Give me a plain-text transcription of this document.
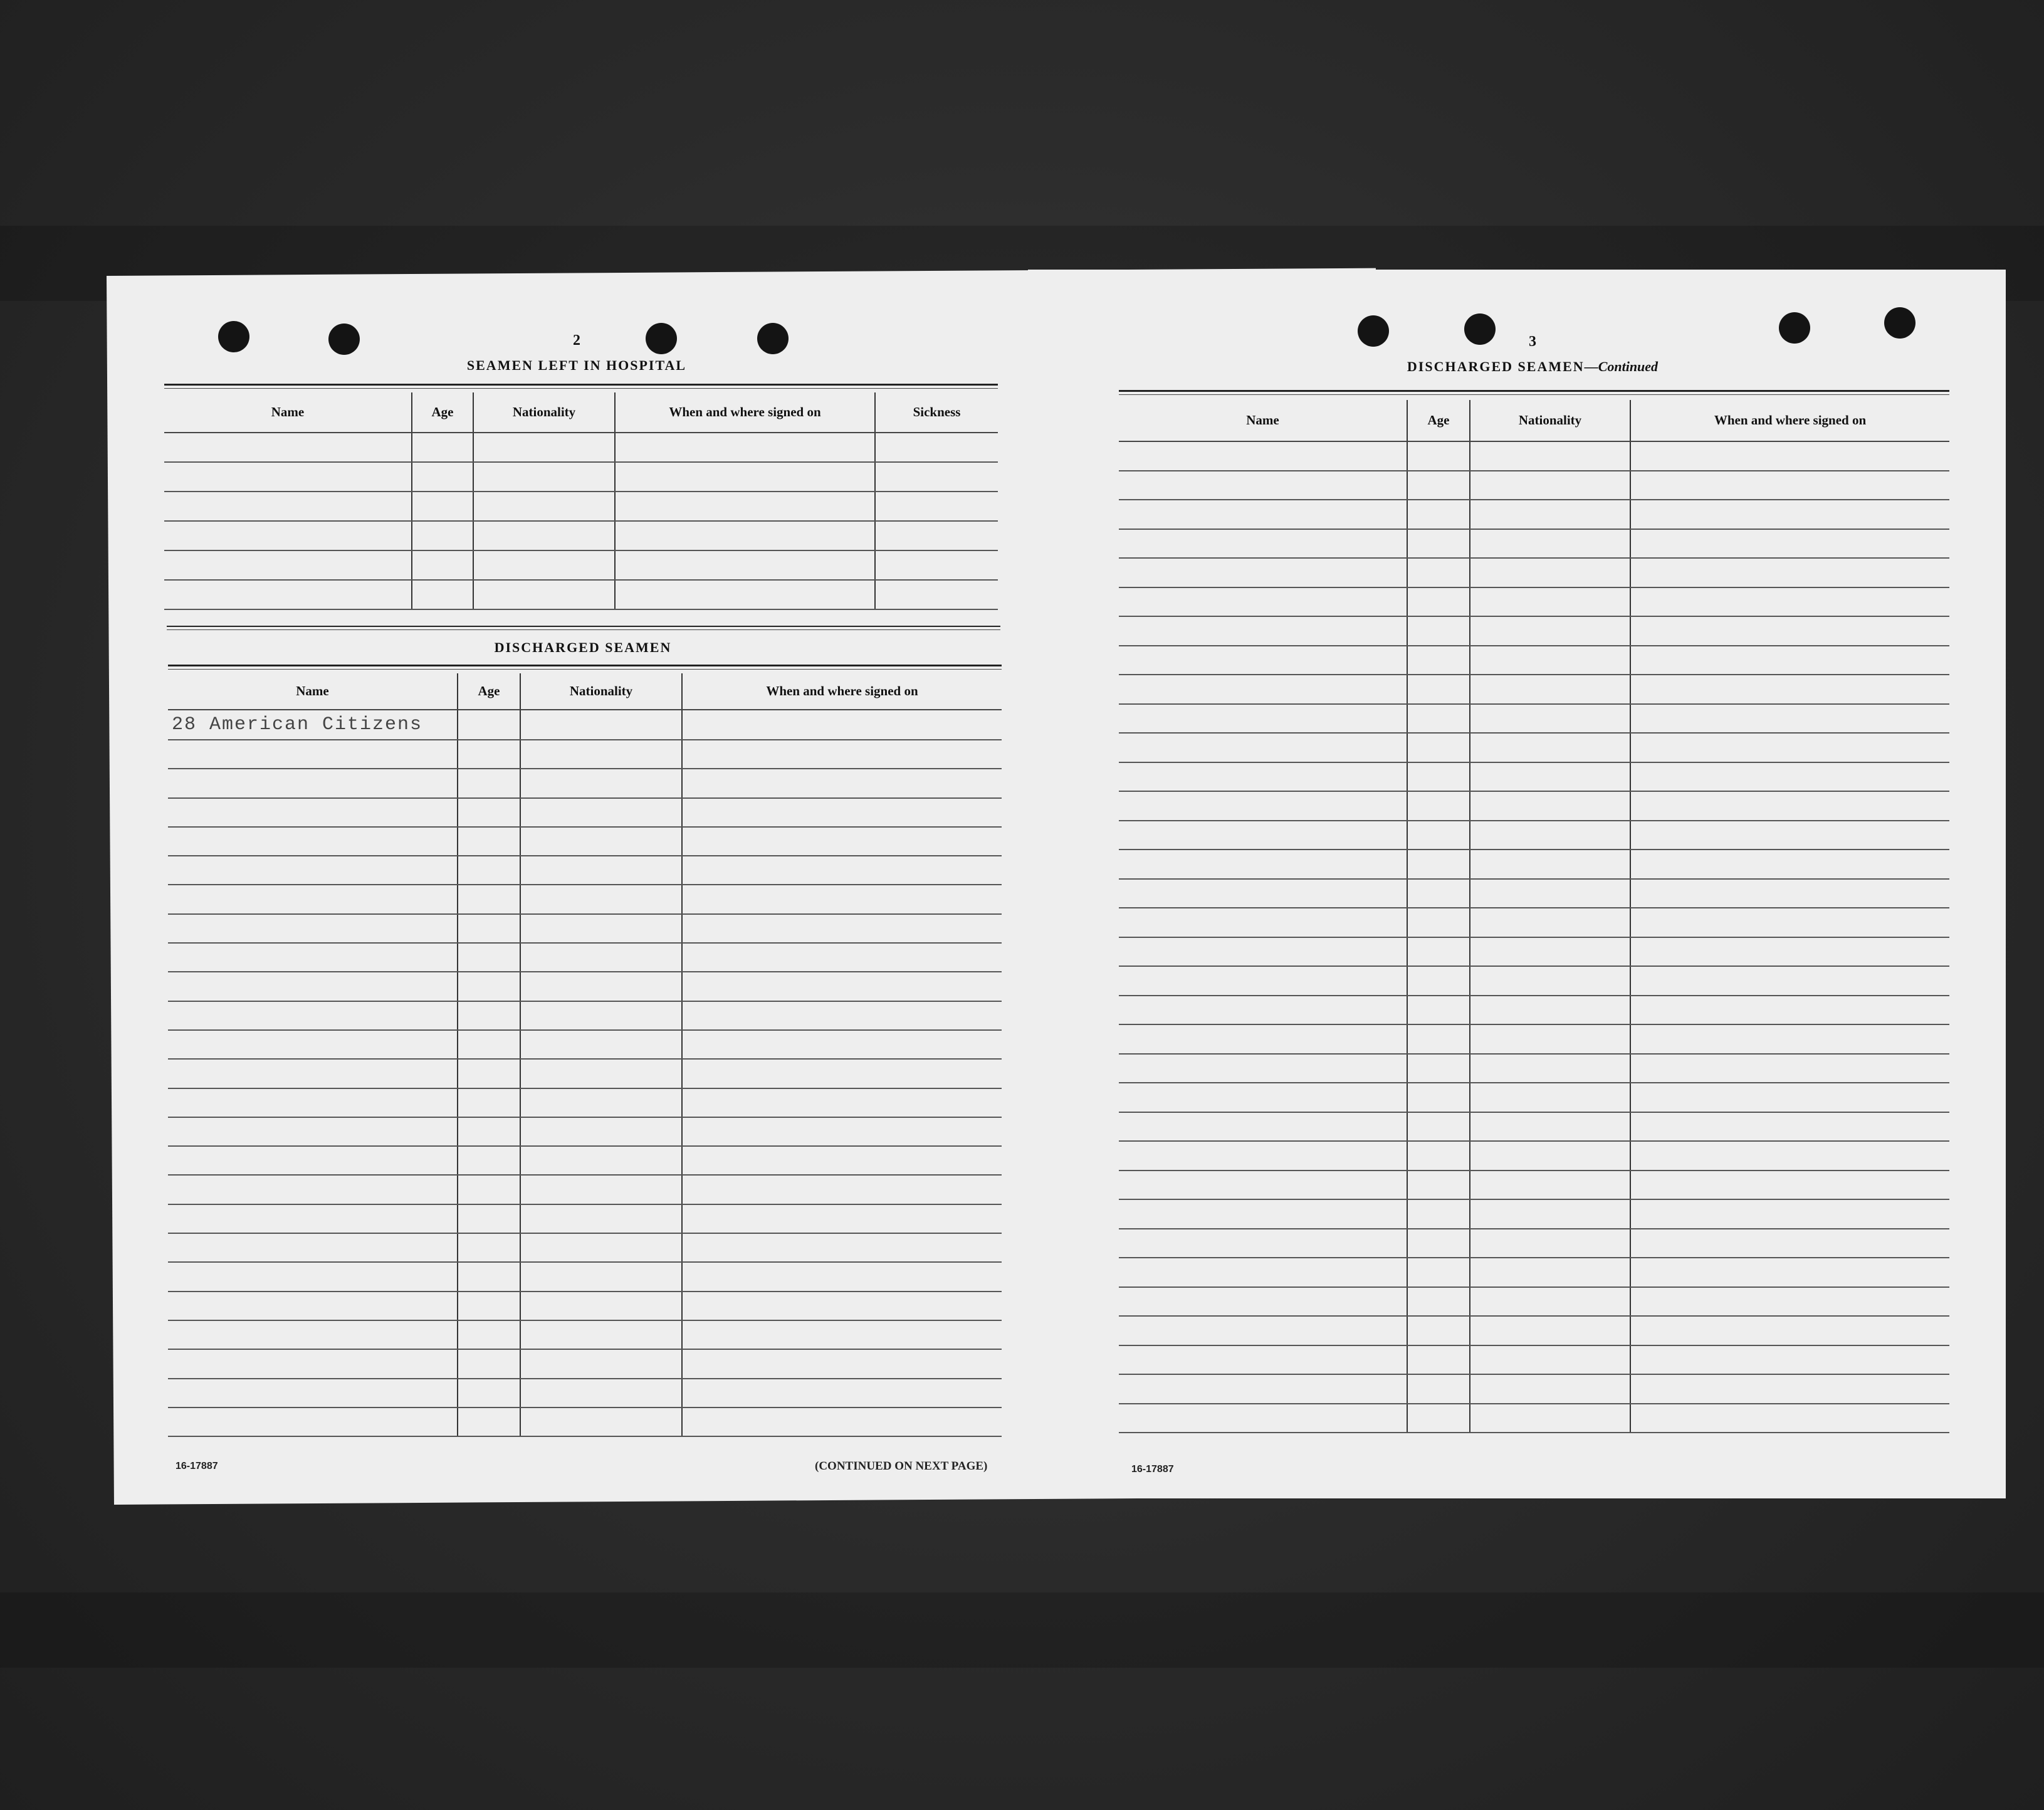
2
SEAMEN LEFT IN HOSPITAL
Name	Age	Nationality	When and where signed on	Sickness

DISCHARGED SEAMEN
Name	Age	Nationality	When and where signed on
28 American Citizens			

16-17887	(CONTINUED ON NEXT PAGE)
3
DISCHARGED SEAMEN—Continued
Name	Age	Nationality	When and where signed on

16-17887
